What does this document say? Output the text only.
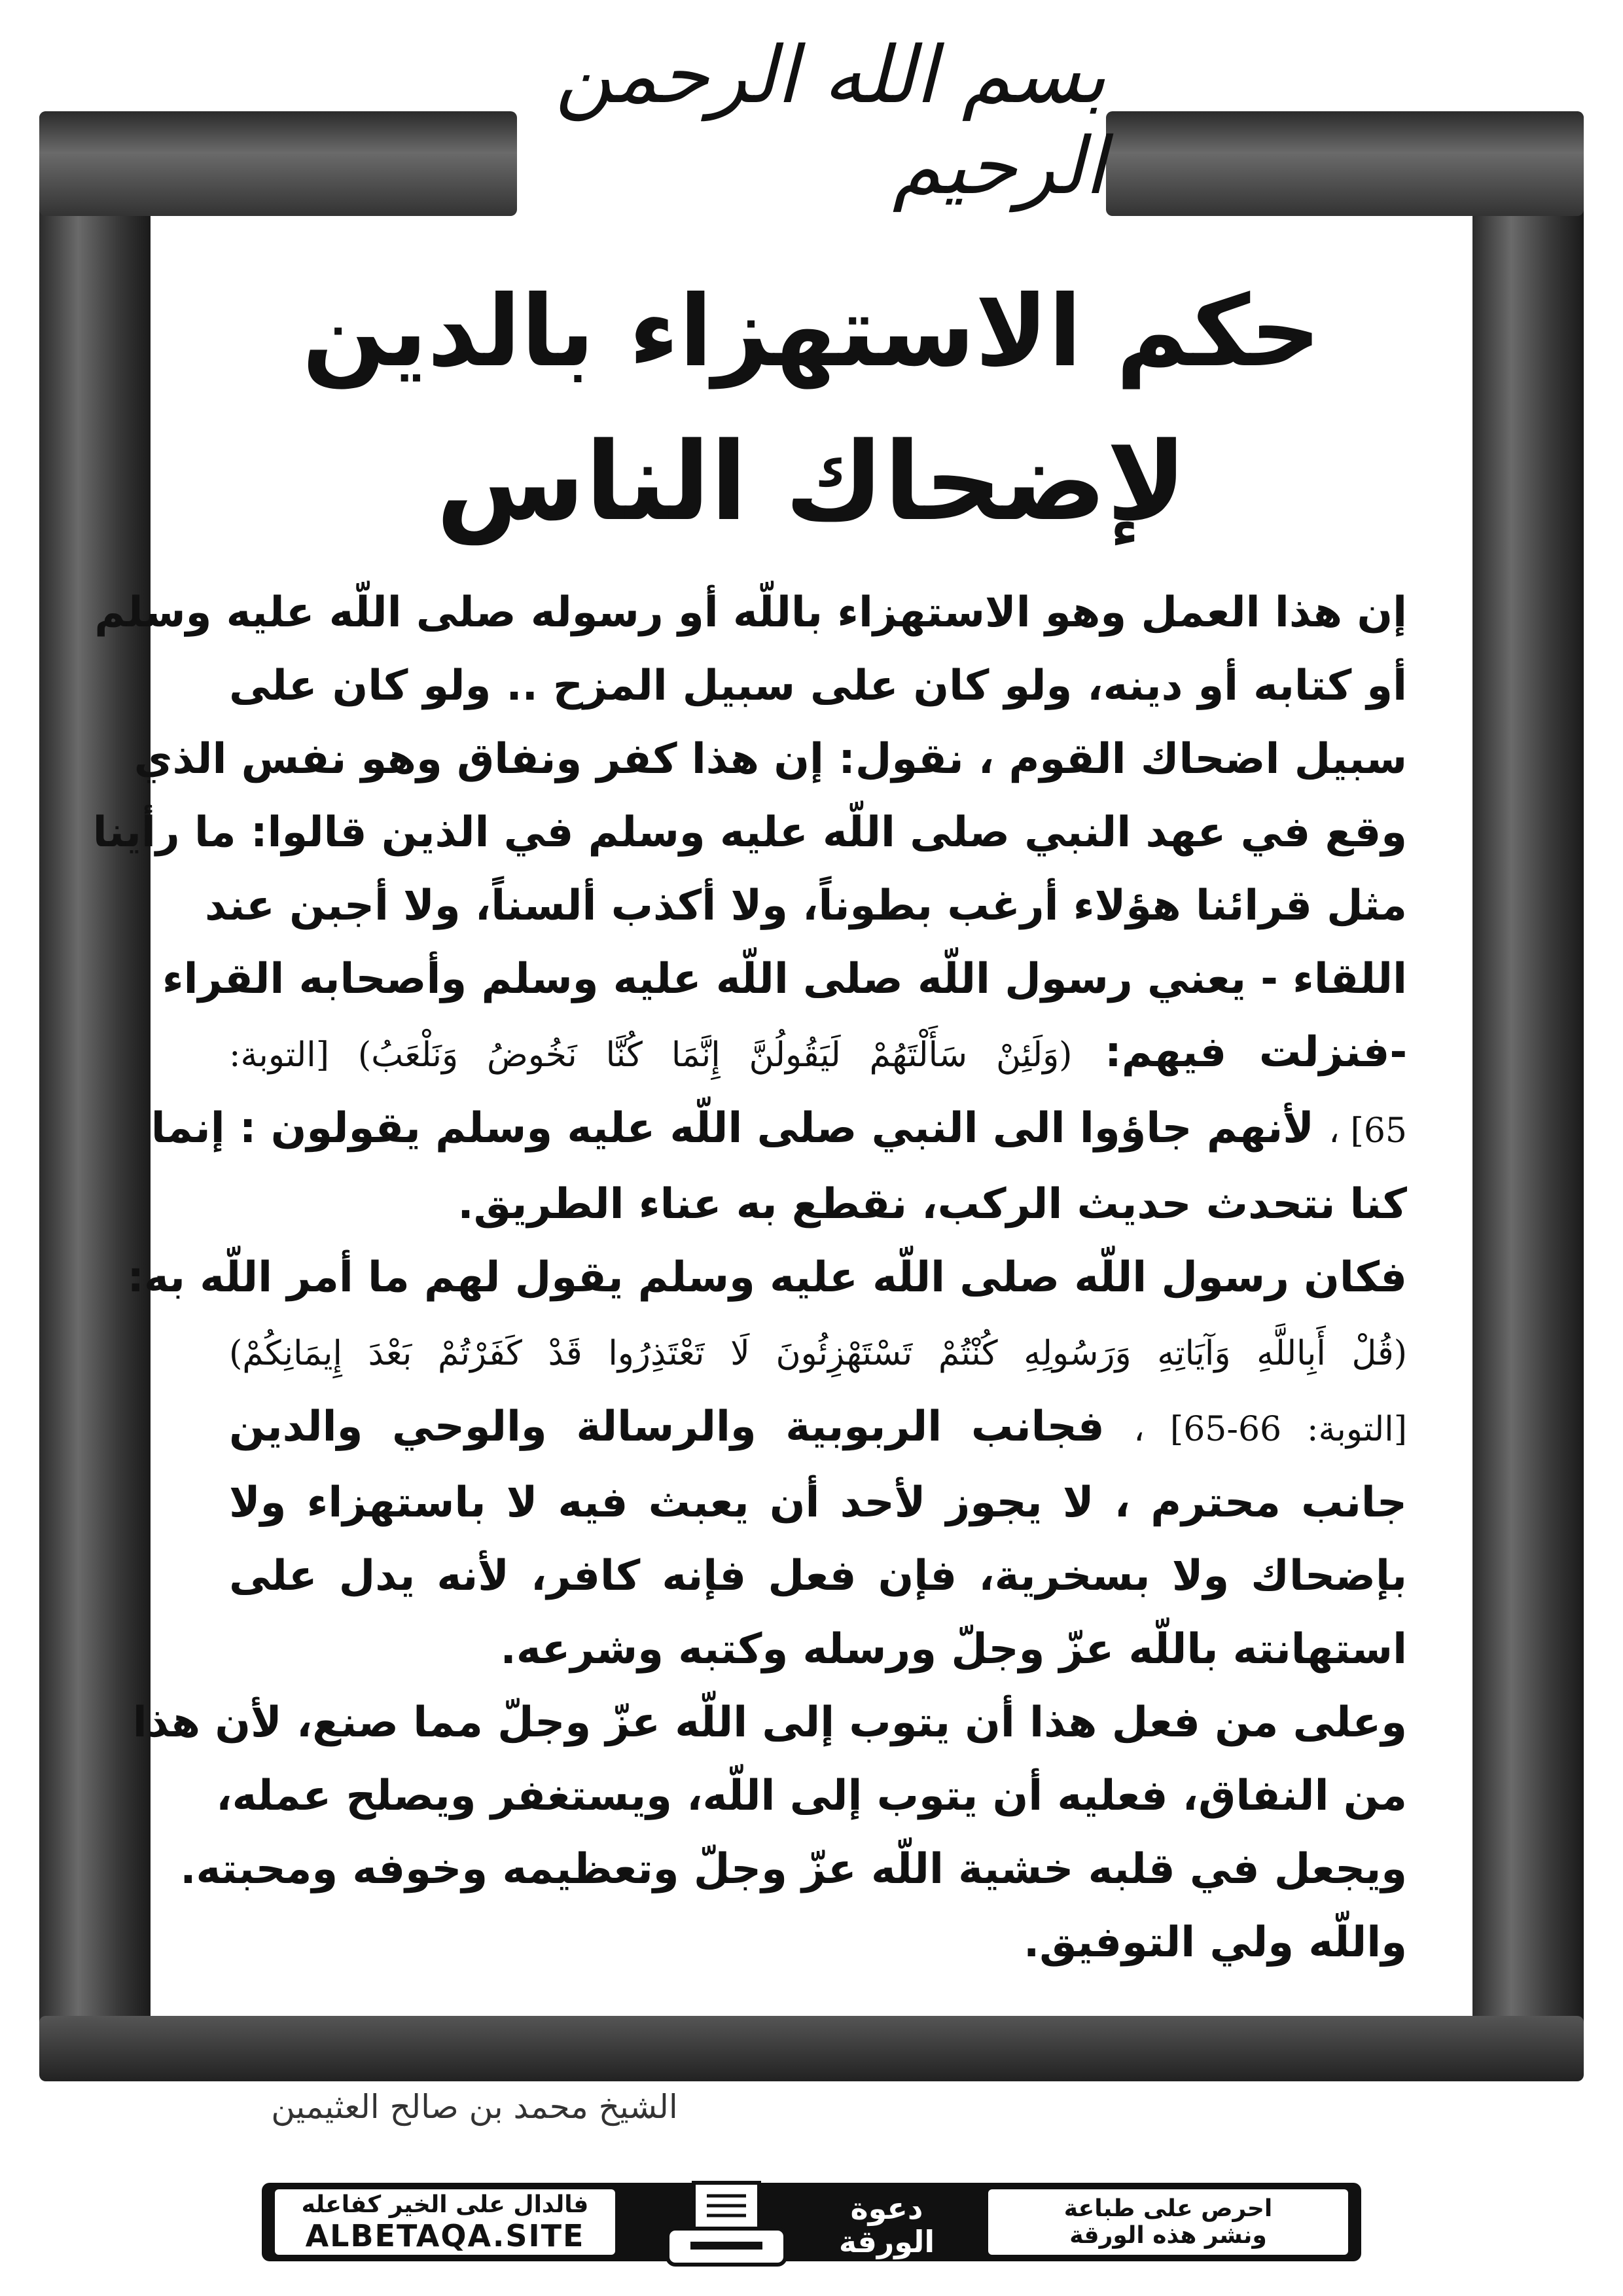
بسم الله الرحمن الرحيم
حكم الاستهزاء بالدين
لإضحاك الناس
إن هذا العمل وهو الاستهزاء باللّه أو رسوله صلى اللّه عليه وسلم
أو كتابه أو دينه، ولو كان على سبيل المزح .. ولو كان على
سبيل اضحاك القوم ، نقول: إن هذا كفر ونفاق وهو نفس الذي
وقع في عهد النبي صلى اللّه عليه وسلم في الذين قالوا: ما رأينا
مثل قرائنا هؤلاء أرغب بطوناً، ولا أكذب ألسناً، ولا أجبن عند
اللقاء - يعني رسول اللّه صلى اللّه عليه وسلم وأصحابه القراء
-فنزلت فيهم: (وَلَئِنْ سَأَلْتَهُمْ لَيَقُولُنَّ إِنَّمَا كُنَّا نَخُوضُ وَنَلْعَبُ) [التوبة:
65] ، لأنهم جاؤوا الى النبي صلى اللّه عليه وسلم يقولون : إنما
كنا نتحدث حديث الركب، نقطع به عناء الطريق.
فكان رسول اللّه صلى اللّه عليه وسلم يقول لهم ما أمر اللّه به:
(قُلْ أَبِاللَّهِ وَآيَاتِهِ وَرَسُولِهِ كُنْتُمْ تَسْتَهْزِئُونَ لَا تَعْتَذِرُوا قَدْ كَفَرْتُمْ بَعْدَ إِيمَانِكُمْ)
[التوبة: 66-65] ، فجانب الربوبية والرسالة والوحي والدين
جانب محترم ، لا يجوز لأحد أن يعبث فيه لا باستهزاء ولا
بإضحاك ولا بسخرية، فإن فعل فإنه كافر، لأنه يدل على
استهانته باللّه عزّ وجلّ ورسله وكتبه وشرعه.
وعلى من فعل هذا أن يتوب إلى اللّه عزّ وجلّ مما صنع، لأن هذا
من النفاق، فعليه أن يتوب إلى اللّه، ويستغفر ويصلح عمله،
ويجعل في قلبه خشية اللّه عزّ وجلّ وتعظيمه وخوفه ومحبته.
واللّه ولي التوفيق.
الشيخ محمد بن صالح العثيمين
فالدال على الخير كفاعله
ALBETAQA.SITE
دعوة
الورقة
احرص على طباعة
ونشر هذه الورقة
